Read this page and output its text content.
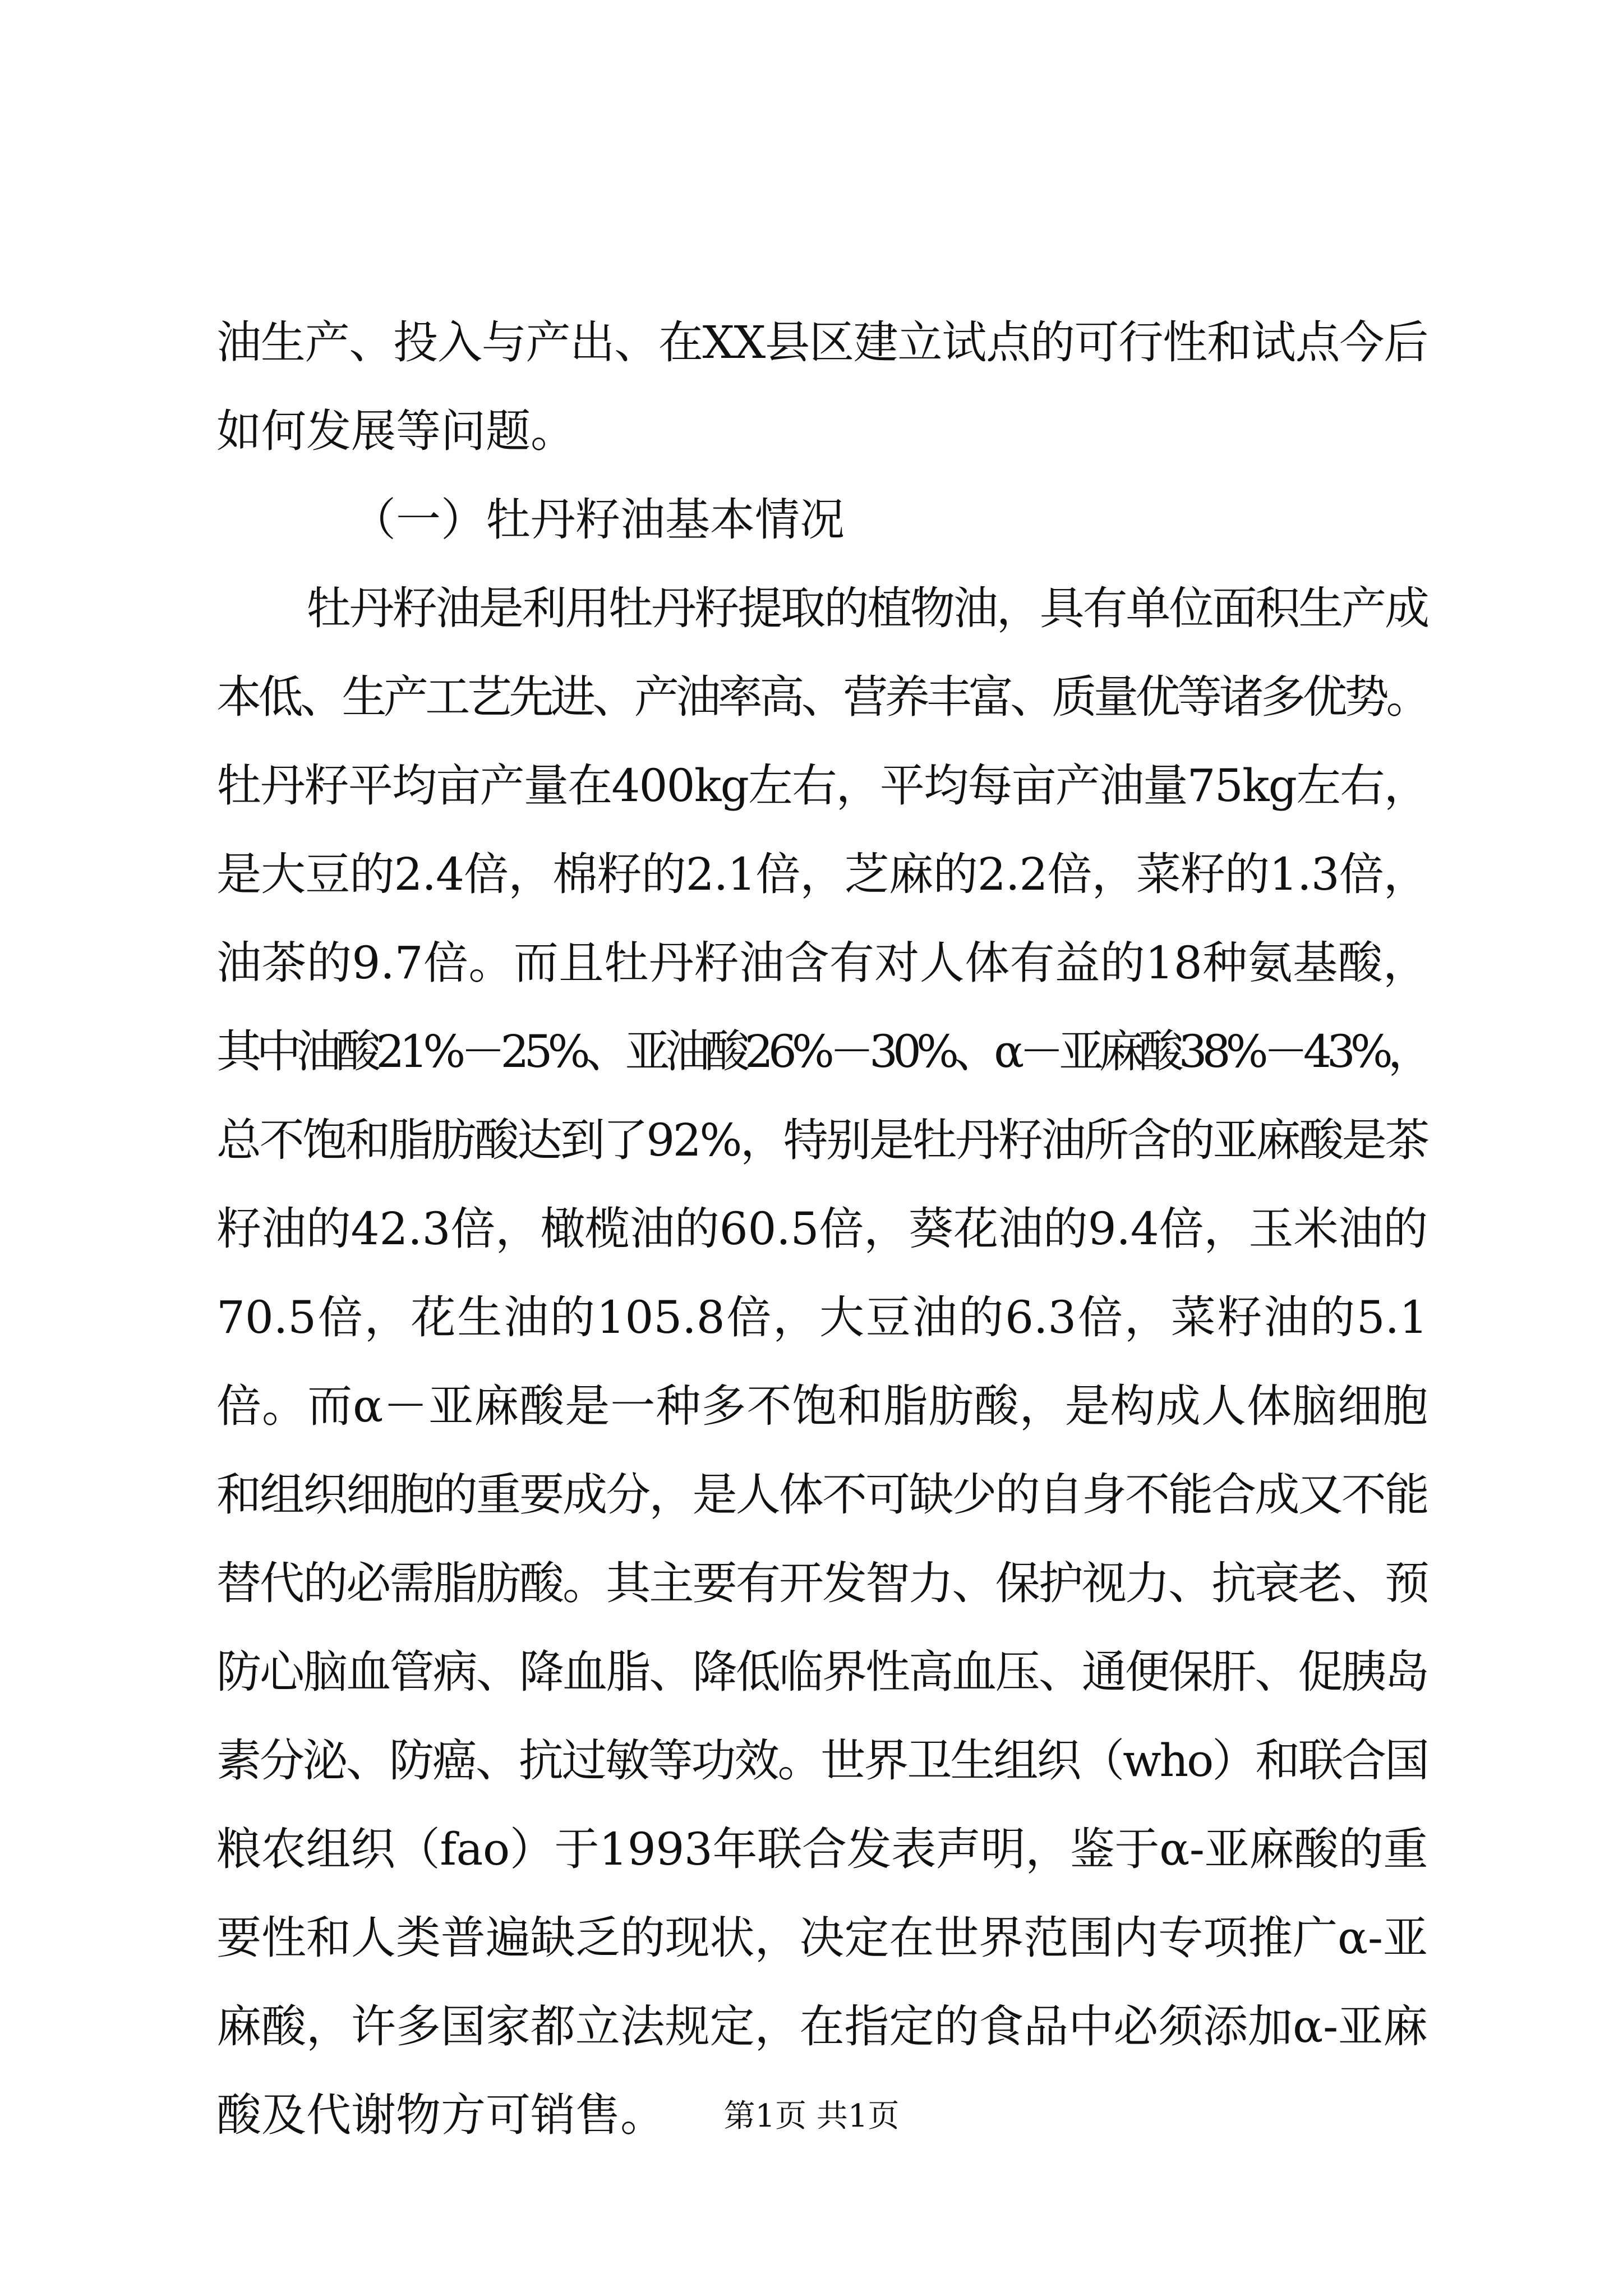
油生产、投入与产出、在XX县区建立试点的可行性和试点今后
如何发展等问题。
（一）牡丹籽油基本情况
牡丹籽油是利用牡丹籽提取的植物油，具有单位面积生产成
本低、生产工艺先进、产油率高、营养丰富、质量优等诸多优势。
牡丹籽平均亩产量在400kg左右，平均每亩产油量75kg左右，
是大豆的2.4倍，棉籽的2.1倍，芝麻的2.2倍，菜籽的1.3倍，
油茶的9.7倍。而且牡丹籽油含有对人体有益的18种氨基酸，
其中油酸21%－25%、亚油酸26%－30%、α－亚麻酸38%－43%，
总不饱和脂肪酸达到了92%，特别是牡丹籽油所含的亚麻酸是茶
籽油的42.3倍，橄榄油的60.5倍，葵花油的9.4倍，玉米油的
70.5倍，花生油的105.8倍，大豆油的6.3倍，菜籽油的5.1
倍。而α－亚麻酸是一种多不饱和脂肪酸，是构成人体脑细胞
和组织细胞的重要成分，是人体不可缺少的自身不能合成又不能
替代的必需脂肪酸。其主要有开发智力、保护视力、抗衰老、预
防心脑血管病、降血脂、降低临界性高血压、通便保肝、促胰岛
素分泌、防癌、抗过敏等功效。世界卫生组织（who）和联合国
粮农组织（fao）于1993年联合发表声明，鉴于α-亚麻酸的重
要性和人类普遍缺乏的现状，决定在世界范围内专项推广α-亚
麻酸，许多国家都立法规定，在指定的食品中必须添加α-亚麻
酸及代谢物方可销售。	第1页 共1页
